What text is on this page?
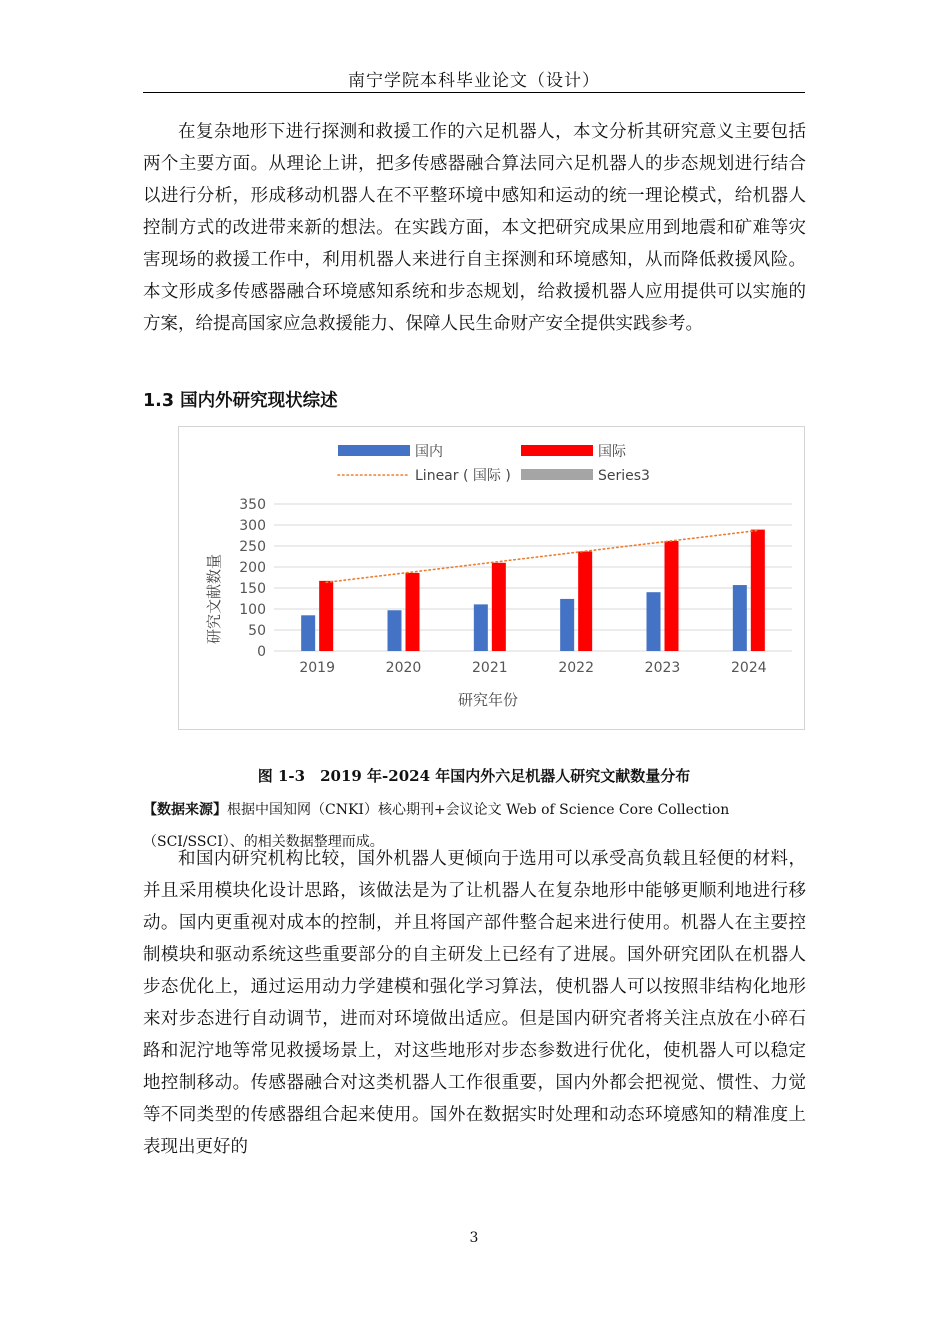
南宁学院本科毕业论文（设计）

在复杂地形下进行探测和救援工作的六足机器人，本文分析其研究意义主要包括两个主要方面。从理论上讲，把多传感器融合算法同六足机器人的步态规划进行结合以进行分析，形成移动机器人在不平整环境中感知和运动的统一理论模式，给机器人控制方式的改进带来新的想法。在实践方面，本文把研究成果应用到地震和矿难等灾害现场的救援工作中，利用机器人来进行自主探测和环境感知，从而降低救援风险。本文形成多传感器融合环境感知系统和步态规划，给救援机器人应用提供可以实施的方案，给提高国家应急救援能力、保障人民生命财产安全提供实践参考。

1.3 国内外研究现状综述
国内	国际
Linear ( 国际 )	Series3
0
50
100
150
200
250
300
350
2019	2020	2021	2022	2023	2024
研究文献数量
研究年份
图 1-3　2019 年-2024 年国内外六足机器人研究文献数量分布
【数据来源】根据中国知网（CNKI）核心期刊+会议论文 Web of Science Core Collection（SCI/SSCI）、的相关数据整理而成。

和国内研究机构比较，国外机器人更倾向于选用可以承受高负载且轻便的材料，并且采用模块化设计思路，该做法是为了让机器人在复杂地形中能够更顺利地进行移动。国内更重视对成本的控制，并且将国产部件整合起来进行使用。机器人在主要控制模块和驱动系统这些重要部分的自主研发上已经有了进展。国外研究团队在机器人步态优化上，通过运用动力学建模和强化学习算法，使机器人可以按照非结构化地形来对步态进行自动调节，进而对环境做出适应。但是国内研究者将关注点放在小碎石路和泥泞地等常见救援场景上，对这些地形对步态参数进行优化，使机器人可以稳定地控制移动。传感器融合对这类机器人工作很重要，国内外都会把视觉、惯性、力觉等不同类型的传感器组合起来使用。国外在数据实时处理和动态环境感知的精准度上表现出更好的

3
